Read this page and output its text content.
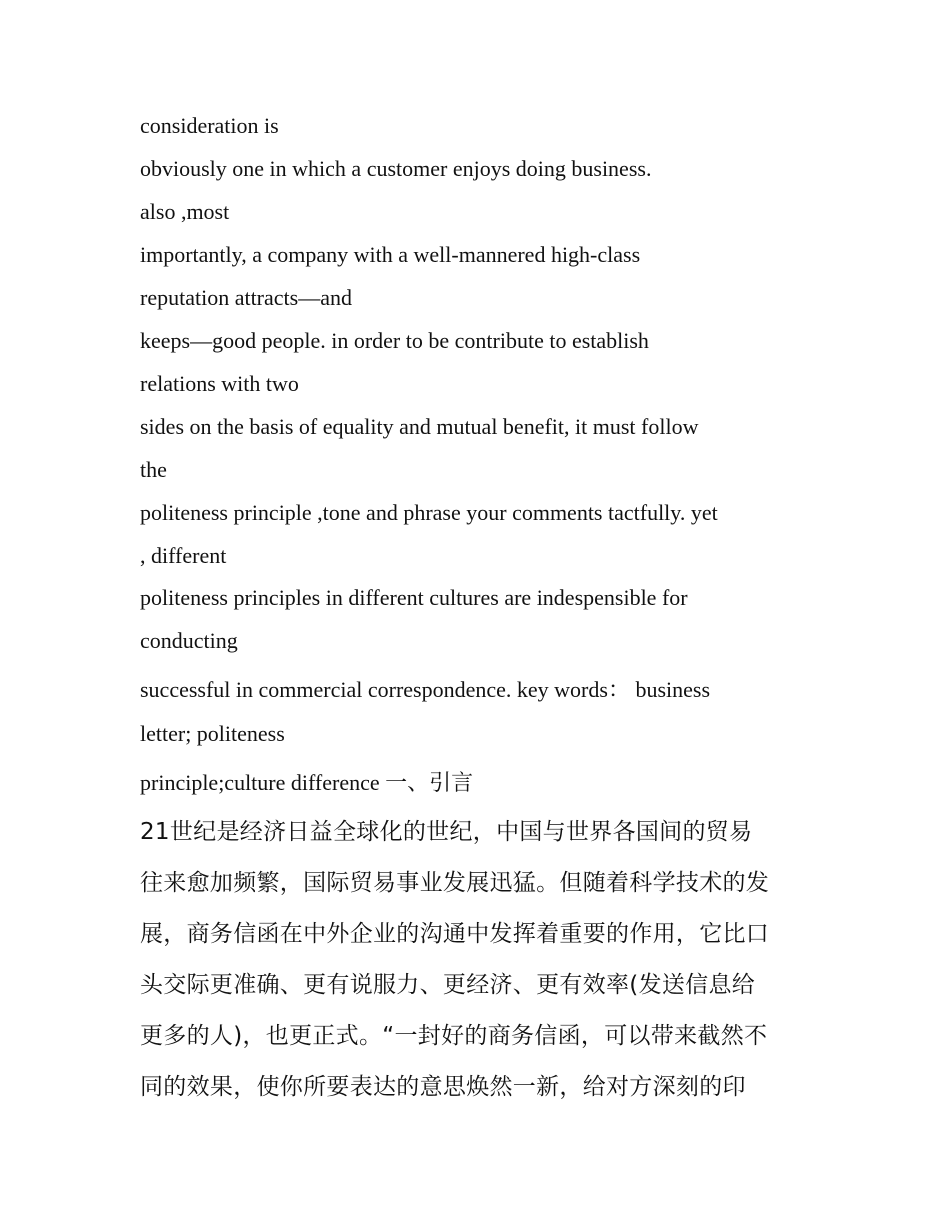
consideration is
obviously one in which a customer enjoys doing business.
also ,most
importantly, a company with a well-mannered high-class
reputation attracts—and
keeps—good people. in order to be contribute to establish
relations with two
sides on the basis of equality and mutual benefit, it must follow
the
politeness principle ,tone and phrase your comments tactfully. yet
, different
politeness principles in different cultures are indespensible for
conducting
successful in commercial correspondence. key words： business
letter; politeness
principle;culture difference 一、引言
21世纪是经济日益全球化的世纪，中国与世界各国间的贸易
往来愈加频繁，国际贸易事业发展迅猛。但随着科学技术的发
展，商务信函在中外企业的沟通中发挥着重要的作用，它比口
头交际更准确、更有说服力、更经济、更有效率(发送信息给
更多的人)，也更正式。“一封好的商务信函，可以带来截然不
同的效果，使你所要表达的意思焕然一新，给对方深刻的印
